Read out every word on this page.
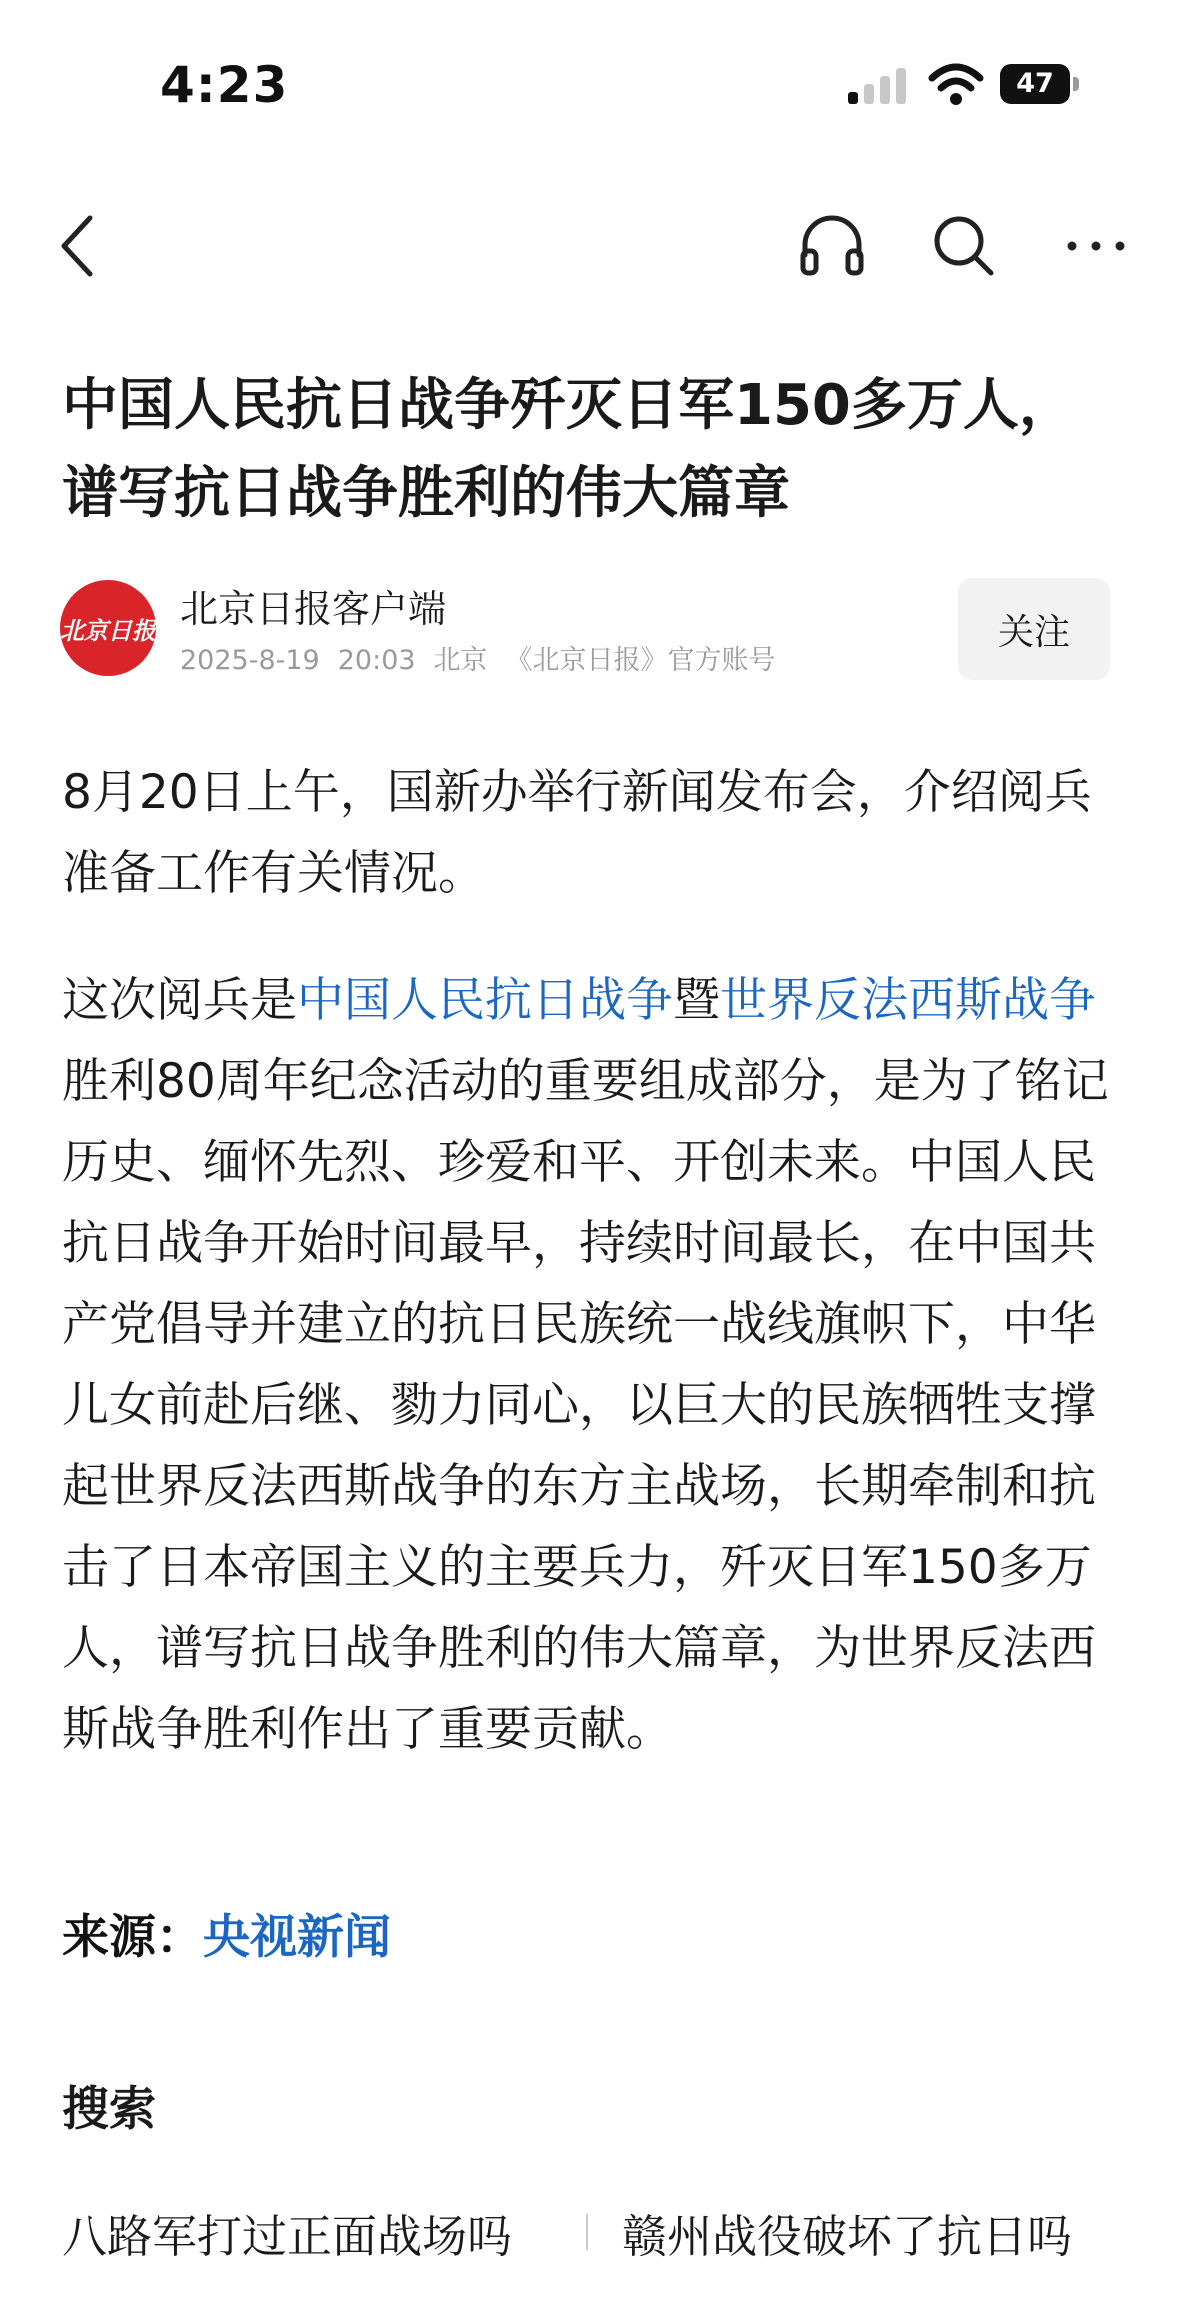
4:23	47
中国人民抗日战争歼灭日军150多万人，谱写抗日战争胜利的伟大篇章
北京日报 北京日报客户端
2025-8-19 20:03 北京 《北京日报》官方账号
关注

8月20日上午，国新办举行新闻发布会，介绍阅兵准备工作有关情况。

这次阅兵是中国人民抗日战争暨世界反法西斯战争胜利80周年纪念活动的重要组成部分，是为了铭记历史、缅怀先烈、珍爱和平、开创未来。中国人民抗日战争开始时间最早，持续时间最长，在中国共产党倡导并建立的抗日民族统一战线旗帜下，中华儿女前赴后继、勠力同心，以巨大的民族牺牲支撑起世界反法西斯战争的东方主战场，长期牵制和抗击了日本帝国主义的主要兵力，歼灭日军150多万人，谱写抗日战争胜利的伟大篇章，为世界反法西斯战争胜利作出了重要贡献。

来源：央视新闻
搜索
八路军打过正面战场吗 赣州战役破坏了抗日吗
